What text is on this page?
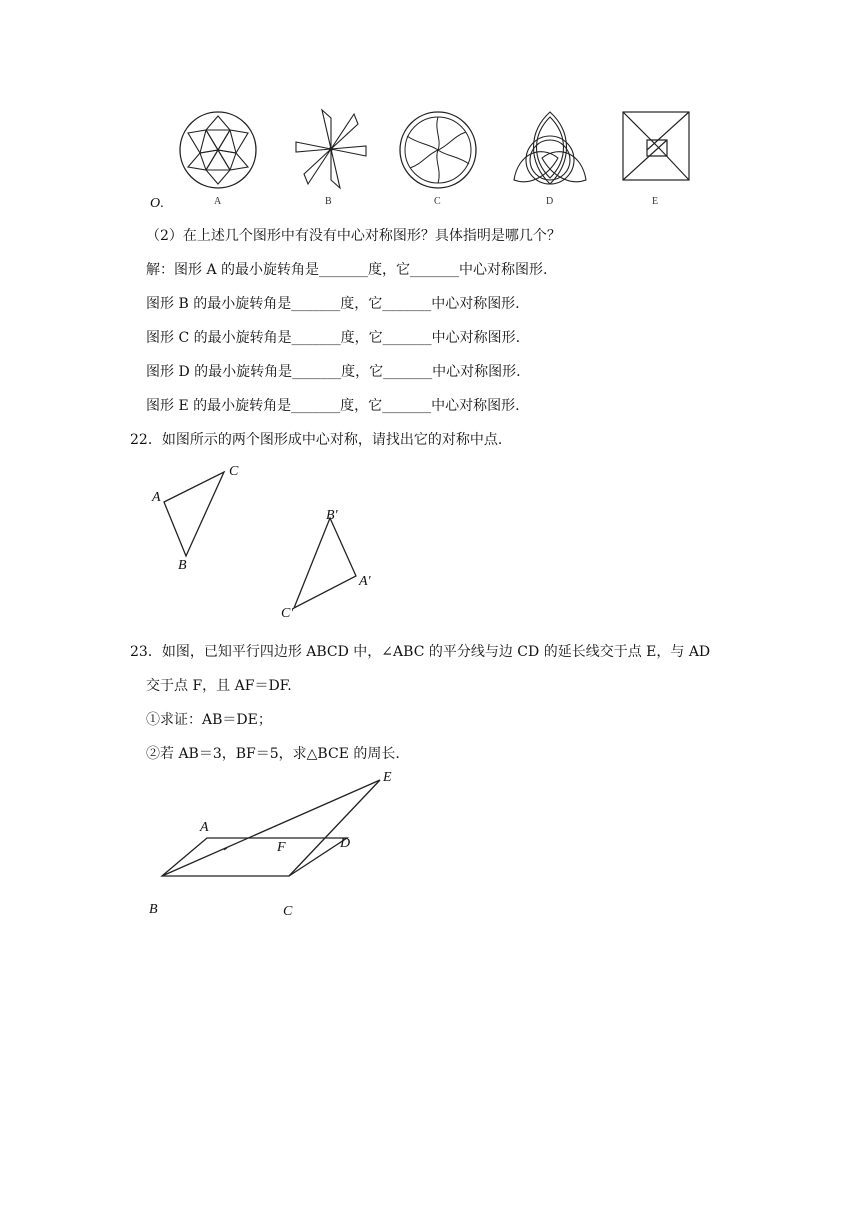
A	B	C	D	E
O.
（2）在上述几个图形中有没有中心对称图形？具体指明是哪几个？
解：图形 A 的最小旋转角是_______度，它_______中心对称图形.
图形 B 的最小旋转角是_______度，它_______中心对称图形.
图形 C 的最小旋转角是_______度，它_______中心对称图形.
图形 D 的最小旋转角是_______度，它_______中心对称图形.
图形 E 的最小旋转角是_______度，它_______中心对称图形.
22．如图所示的两个图形成中心对称，请找出它的对称中点.
A
B
C
B′
A′
C′
23．如图，已知平行四边形 ABCD 中，∠ABC 的平分线与边 CD 的延长线交于点 E，与 AD
交于点 F，且 AF＝DF.
①求证：AB＝DE；
②若 AB＝3，BF＝5，求△BCE 的周长.
A
F	D
E
B	C
